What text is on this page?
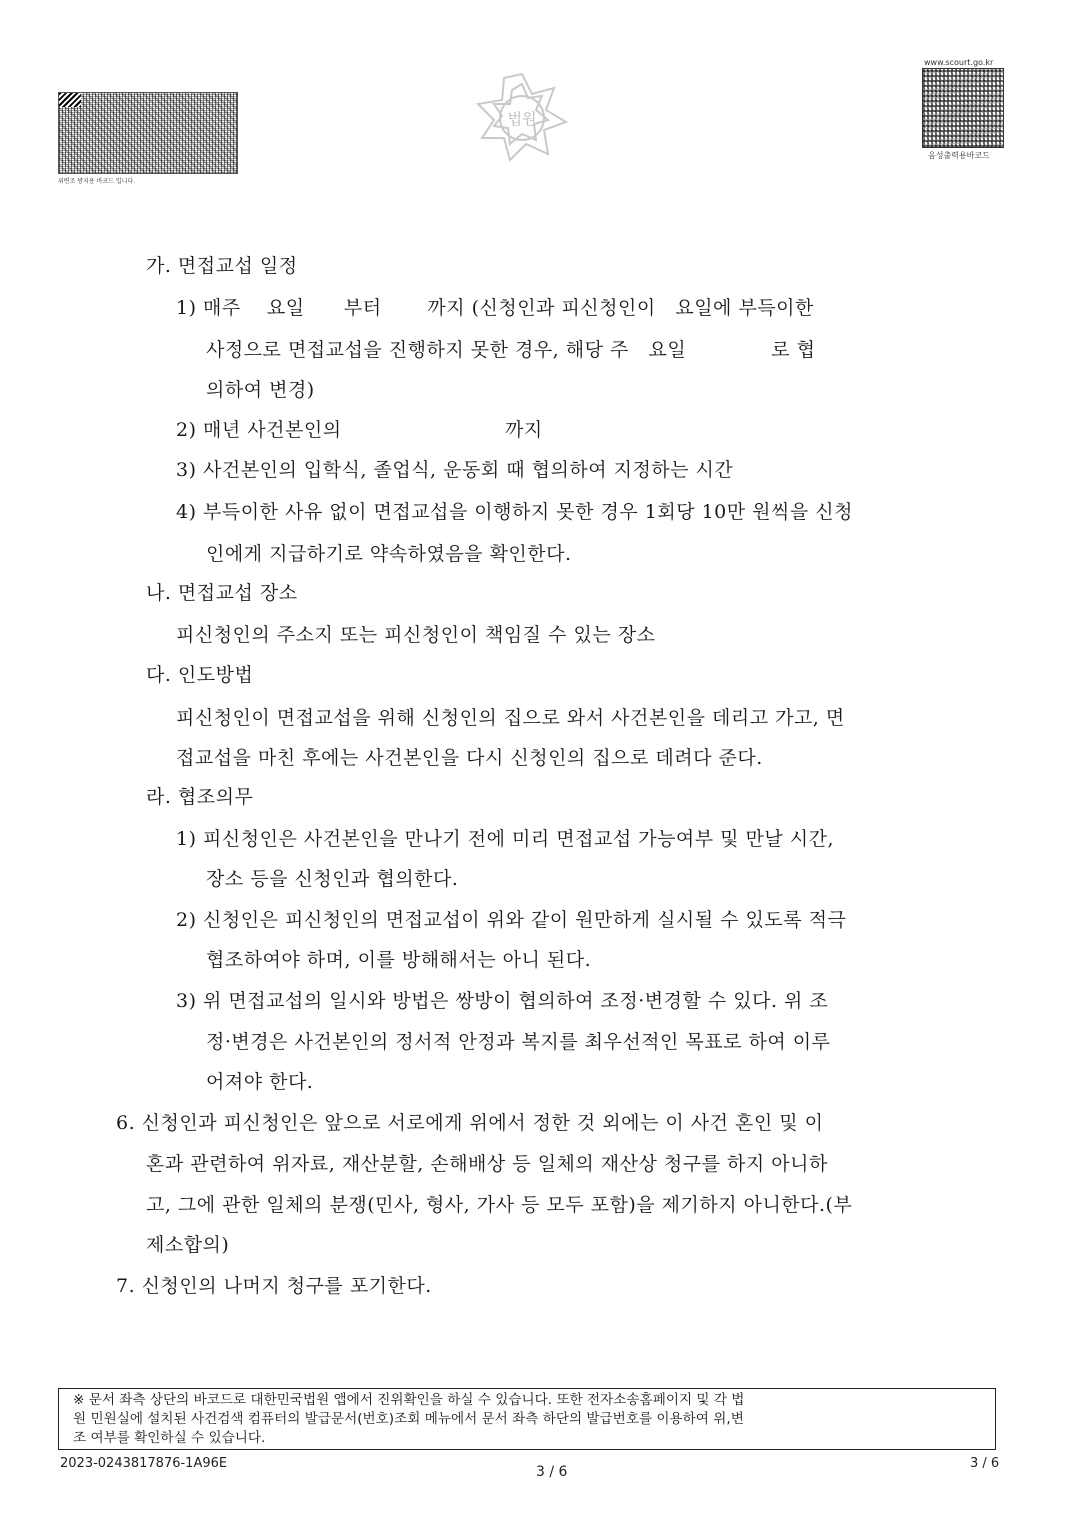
위변조 방지용 바코드 입니다.
법원
www.scourt.go.kr
음성출력용바코드
가. 면접교섭 일정
1) 매주    요일      부터       까지 (신청인과 피신청인이   요일에 부득이한
사정으로 면접교섭을 진행하지 못한 경우, 해당 주   요일             로 협
의하여 변경)
2) 매년 사건본인의                         까지
3) 사건본인의 입학식, 졸업식, 운동회 때 협의하여 지정하는 시간
4) 부득이한 사유 없이 면접교섭을 이행하지 못한 경우 1회당 10만 원씩을 신청
인에게 지급하기로 약속하였음을 확인한다.
나. 면접교섭 장소
피신청인의 주소지 또는 피신청인이 책임질 수 있는 장소
다. 인도방법
피신청인이 면접교섭을 위해 신청인의 집으로 와서 사건본인을 데리고 가고, 면
접교섭을 마친 후에는 사건본인을 다시 신청인의 집으로 데려다 준다.
라. 협조의무
1) 피신청인은 사건본인을 만나기 전에 미리 면접교섭 가능여부 및 만날 시간,
장소 등을 신청인과 협의한다.
2) 신청인은 피신청인의 면접교섭이 위와 같이 원만하게 실시될 수 있도록 적극
협조하여야 하며, 이를 방해해서는 아니 된다.
3) 위 면접교섭의 일시와 방법은 쌍방이 협의하여 조정·변경할 수 있다. 위 조
정·변경은 사건본인의 정서적 안정과 복지를 최우선적인 목표로 하여 이루
어져야 한다.
6. 신청인과 피신청인은 앞으로 서로에게 위에서 정한 것 외에는 이 사건 혼인 및 이
혼과 관련하여 위자료, 재산분할, 손해배상 등 일체의 재산상 청구를 하지 아니하
고, 그에 관한 일체의 분쟁(민사, 형사, 가사 등 모두 포함)을 제기하지 아니한다.(부
제소합의)
7. 신청인의 나머지 청구를 포기한다.
※ 문서 좌측 상단의 바코드로 대한민국법원 앱에서 진위확인을 하실 수 있습니다. 또한 전자소송홈페이지 및 각 법
원 민원실에 설치된 사건검색 컴퓨터의 발급문서(번호)조회 메뉴에서 문서 좌측 하단의 발급번호를 이용하여 위,변
조 여부를 확인하실 수 있습니다.
2023-0243817876-1A96E
3 / 6
3 / 6
